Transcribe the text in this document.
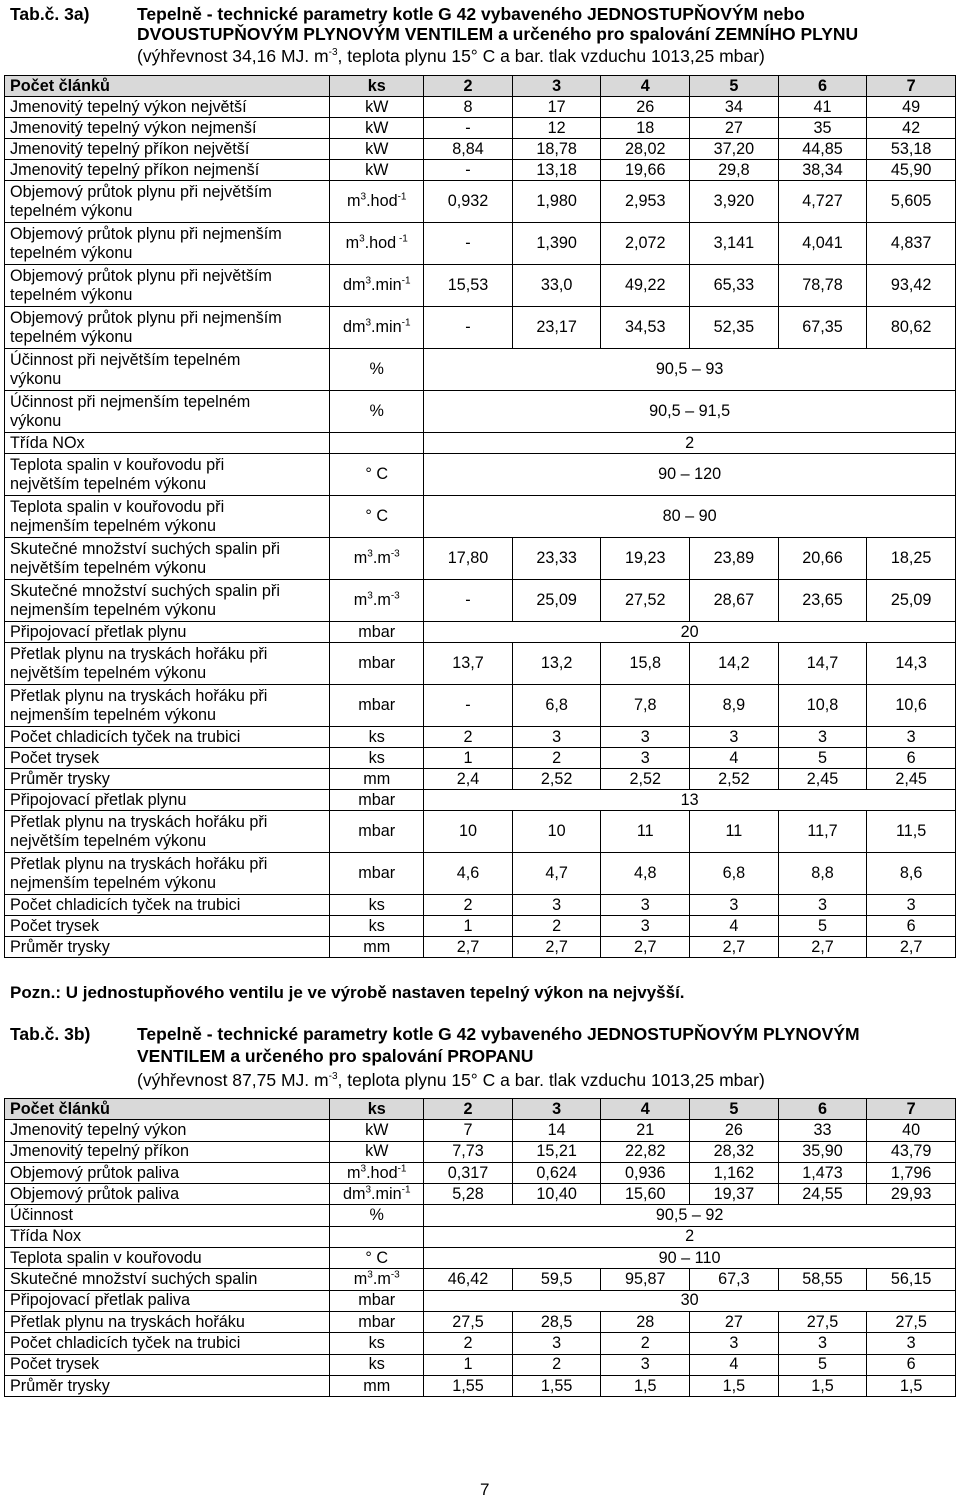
Tab.č. 3a)	Tepelně - technické parametry kotle G 42 vybaveného JEDNOSTUPŇOVÝM nebo
DVOUSTUPŇOVÝM PLYNOVÝM VENTILEM a určeného pro spalování ZEMNÍHO PLYNU
(výhřevnost 34,16 MJ. $m^{-3}$, teplota plynu 15° C a bar. tlak vzduchu 1013,25 mbar)
Počet článků	ks	2	3	4	5	6	7
Jmenovitý tepelný výkon největší	kW	8	17	26	34	41	49
Jmenovitý tepelný výkon nejmenší	kW	-	12	18	27	35	42
Jmenovitý tepelný příkon největší	kW	8,84	18,78	28,02	37,20	44,85	53,18
Jmenovitý tepelný příkon nejmenší	kW	-	13,18	19,66	29,8	38,34	45,90
Objemový průtok plynu při největším
tepelném výkonu	$m^3.hod^{-1}$	0,932	1,980	2,953	3,920	4,727	5,605
Objemový průtok plynu při nejmenším
tepelném výkonu	$m^3.hod$ $^{-1}$	-	1,390	2,072	3,141	4,041	4,837
Objemový průtok plynu při největším
tepelném výkonu	$dm^3.\min^{-1}$	15,53	33,0	49,22	65,33	78,78	93,42
Objemový průtok plynu při nejmenším
tepelném výkonu	$dm^3.\min^{-1}$	-	23,17	34,53	52,35	67,35	80,62
Účinnost při největším tepelném
výkonu	%	90,5 – 93					
Účinnost při nejmenším tepelném
výkonu	%	90,5 – 91,5					
Třída NOx		2					
Teplota spalin v kouřovodu při
největším tepelném výkonu	° C	90 – 120					
Teplota spalin v kouřovodu při
nejmenším tepelném výkonu	° C	80 – 90					
Skutečné množství suchých spalin při
největším tepelném výkonu	$m^3.m^{-3}$	17,80	23,33	19,23	23,89	20,66	18,25
Skutečné množství suchých spalin při
nejmenším tepelném výkonu	$m^3.m^{-3}$	-	25,09	27,52	28,67	23,65	25,09
Připojovací přetlak plynu	mbar	20					
Přetlak plynu na tryskách hořáku při
největším tepelném výkonu	mbar	13,7	13,2	15,8	14,2	14,7	14,3
Přetlak plynu na tryskách hořáku při
nejmenším tepelném výkonu	mbar	-	6,8	7,8	8,9	10,8	10,6
Počet chladicích tyček na trubici	ks	2	3	3	3	3	3
Počet trysek	ks	1	2	3	4	5	6
Průměr trysky	mm	2,4	2,52	2,52	2,52	2,45	2,45
Připojovací přetlak plynu	mbar	13					
Přetlak plynu na tryskách hořáku při
největším tepelném výkonu	mbar	10	10	11	11	11,7	11,5
Přetlak plynu na tryskách hořáku při
nejmenším tepelném výkonu	mbar	4,6	4,7	4,8	6,8	8,8	8,6
Počet chladicích tyček na trubici	ks	2	3	3	3	3	3
Počet trysek	ks	1	2	3	4	5	6
Průměr trysky	mm	2,7	2,7	2,7	2,7	2,7	2,7
Pozn.: U jednostupňového ventilu je ve výrobě nastaven tepelný výkon na nejvyšší.
Tab.č. 3b)	Tepelně - technické parametry kotle G 42 vybaveného JEDNOSTUPŇOVÝM PLYNOVÝM
VENTILEM a určeného pro spalování PROPANU
(výhřevnost 87,75 MJ. $m^{-3}$, teplota plynu 15° C a bar. tlak vzduchu 1013,25 mbar)
Počet článků	ks	2	3	4	5	6	7
Jmenovitý tepelný výkon	kW	7	14	21	26	33	40
Jmenovitý tepelný příkon	kW	7,73	15,21	22,82	28,32	35,90	43,79
Objemový průtok paliva	$m^3.hod^{-1}$	0,317	0,624	0,936	1,162	1,473	1,796
Objemový průtok paliva	$dm^3.\min^{-1}$	5,28	10,40	15,60	19,37	24,55	29,93
Účinnost	%	90,5 – 92					
Třída Nox		2					
Teplota spalin v kouřovodu	° C	90 – 110					
Skutečné množství suchých spalin	$m^3.m^{-3}$	46,42	59,5	95,87	67,3	58,55	56,15
Připojovací přetlak paliva	mbar	30					
Přetlak plynu na tryskách hořáku	mbar	27,5	28,5	28	27	27,5	27,5
Počet chladicích tyček na trubici	ks	2	3	2	3	3	3
Počet trysek	ks	1	2	3	4	5	6
Průměr trysky	mm	1,55	1,55	1,5	1,5	1,5	1,5
7
